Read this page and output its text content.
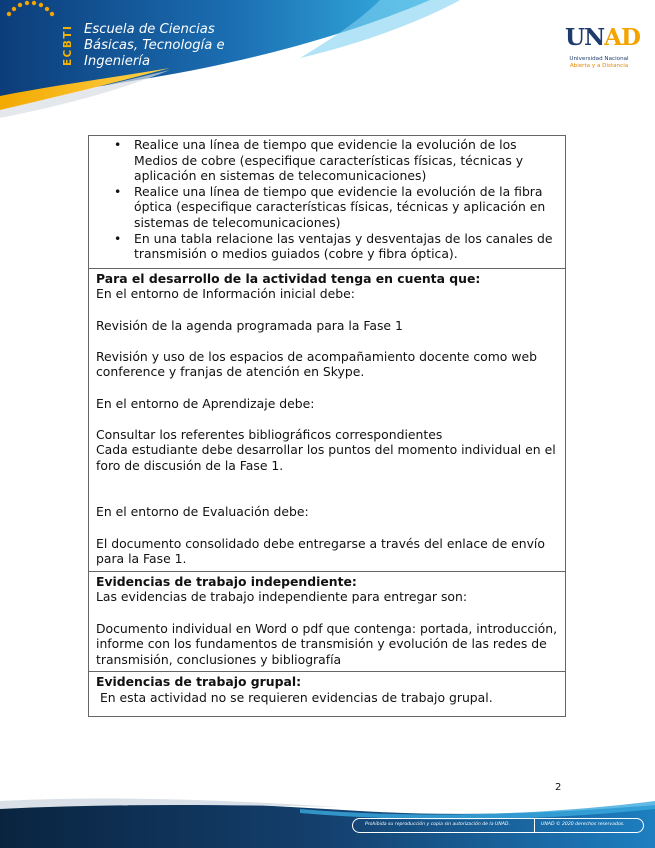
ECBTI Escuela de Ciencias
Básicas, Tecnología e
Ingeniería
UNAD
Universidad Nacional
Abierta y a Distancia
• Realice una línea de tiempo que evidencie la evolución de los Medios de cobre (especifique características físicas, técnicas y aplicación en sistemas de telecomunicaciones)
• Realice una línea de tiempo que evidencie la evolución de la fibra óptica (especifique características físicas, técnicas y aplicación en sistemas de telecomunicaciones)
• En una tabla relacione las ventajas y desventajas de los canales de transmisión o medios guiados (cobre y fibra óptica).

Para el desarrollo de la actividad tenga en cuenta que:

En el entorno de Información inicial debe:

Revisión de la agenda programada para la Fase 1

Revisión y uso de los espacios de acompañamiento docente como web conference y franjas de atención en Skype.

En el entorno de Aprendizaje debe:

Consultar los referentes bibliográficos correspondientes

Cada estudiante debe desarrollar los puntos del momento individual en el foro de discusión de la Fase 1.

En el entorno de Evaluación debe:

El documento consolidado debe entregarse a través del enlace de envío para la Fase 1.

Evidencias de trabajo independiente:

Las evidencias de trabajo independiente para entregar son:

Documento individual en Word o pdf que contenga: portada, introducción, informe con los fundamentos de transmisión y evolución de las redes de transmisión, conclusiones y bibliografía

Evidencias de trabajo grupal:

En esta actividad no se requieren evidencias de trabajo grupal.

2
Prohibida su reproducción y copia sin autorización de la UNAD.	UNAD © 2020 derechos reservados.
